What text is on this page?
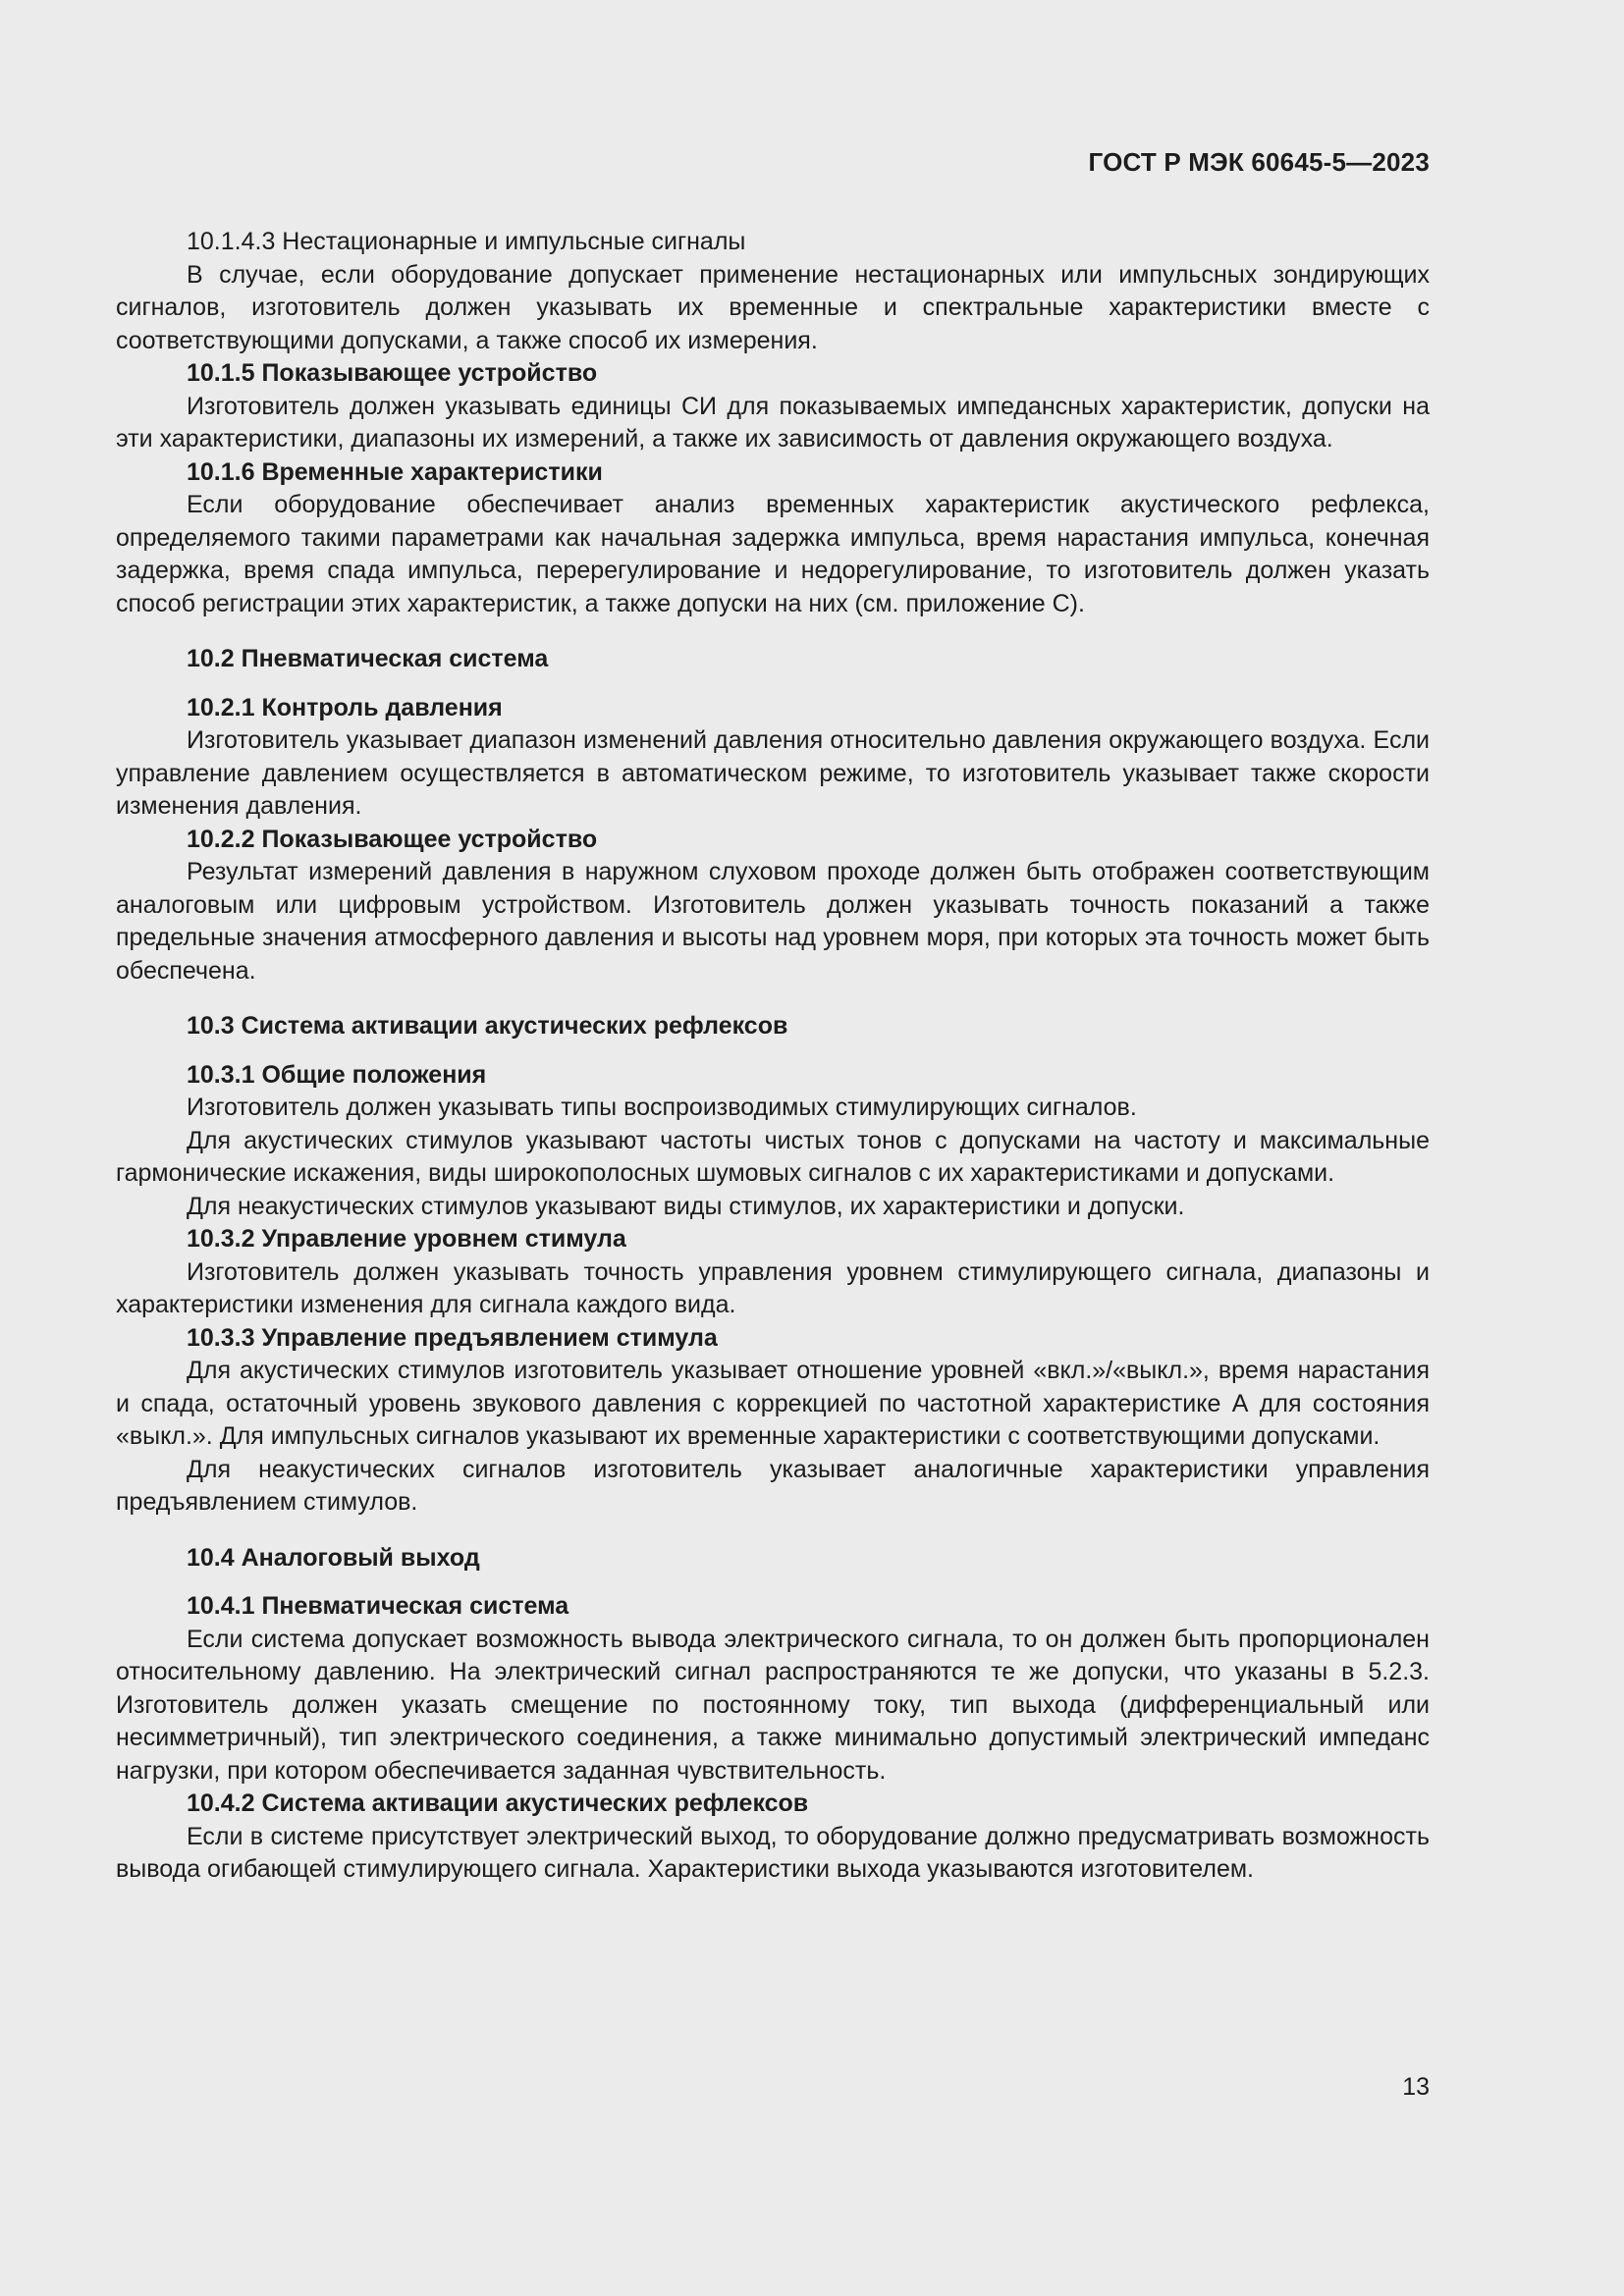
ГОСТ Р МЭК 60645-5—2023

10.1.4.3 Нестационарные и импульсные сигналы

В случае, если оборудование допускает применение нестационарных или импульсных зондирующих сигналов, изготовитель должен указывать их временные и спектральные характеристики вместе с соответствующими допусками, а также способ их измерения.

10.1.5 Показывающее устройство

Изготовитель должен указывать единицы СИ для показываемых импедансных характеристик, допуски на эти характеристики, диапазоны их измерений, а также их зависимость от давления окружающего воздуха.

10.1.6 Временные характеристики

Если оборудование обеспечивает анализ временных характеристик акустического рефлекса, определяемого такими параметрами как начальная задержка импульса, время нарастания импульса, конечная задержка, время спада импульса, перерегулирование и недорегулирование, то изготовитель должен указать способ регистрации этих характеристик, а также допуски на них (см. приложение С).

10.2 Пневматическая система

10.2.1 Контроль давления

Изготовитель указывает диапазон изменений давления относительно давления окружающего воздуха. Если управление давлением осуществляется в автоматическом режиме, то изготовитель указывает также скорости изменения давления.

10.2.2 Показывающее устройство

Результат измерений давления в наружном слуховом проходе должен быть отображен соответствующим аналоговым или цифровым устройством. Изготовитель должен указывать точность показаний а также предельные значения атмосферного давления и высоты над уровнем моря, при которых эта точность может быть обеспечена.

10.3 Система активации акустических рефлексов

10.3.1 Общие положения

Изготовитель должен указывать типы воспроизводимых стимулирующих сигналов.

Для акустических стимулов указывают частоты чистых тонов с допусками на частоту и максимальные гармонические искажения, виды широкополосных шумовых сигналов с их характеристиками и допусками.

Для неакустических стимулов указывают виды стимулов, их характеристики и допуски.

10.3.2 Управление уровнем стимула

Изготовитель должен указывать точность управления уровнем стимулирующего сигнала, диапазоны и характеристики изменения для сигнала каждого вида.

10.3.3 Управление предъявлением стимула

Для акустических стимулов изготовитель указывает отношение уровней «вкл.»/«выкл.», время нарастания и спада, остаточный уровень звукового давления с коррекцией по частотной характеристике А для состояния «выкл.». Для импульсных сигналов указывают их временные характеристики с соответствующими допусками.

Для неакустических сигналов изготовитель указывает аналогичные характеристики управления предъявлением стимулов.

10.4 Аналоговый выход

10.4.1 Пневматическая система

Если система допускает возможность вывода электрического сигнала, то он должен быть пропорционален относительному давлению. На электрический сигнал распространяются те же допуски, что указаны в 5.2.3. Изготовитель должен указать смещение по постоянному току, тип выхода (дифференциальный или несимметричный), тип электрического соединения, а также минимально допустимый электрический импеданс нагрузки, при котором обеспечивается заданная чувствительность.

10.4.2 Система активации акустических рефлексов

Если в системе присутствует электрический выход, то оборудование должно предусматривать возможность вывода огибающей стимулирующего сигнала. Характеристики выхода указываются изготовителем.

13
